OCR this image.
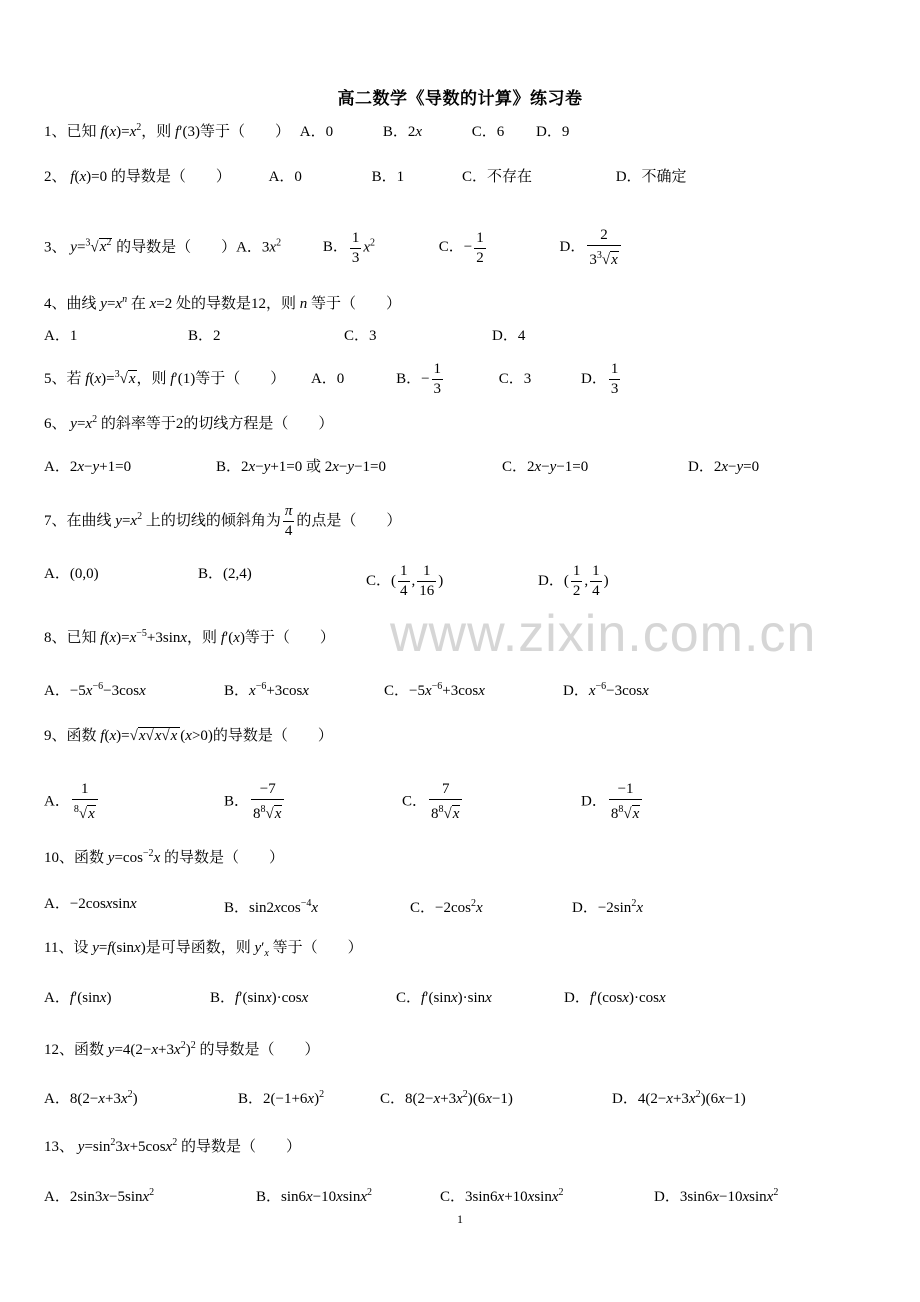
高二数学《导数的计算》练习卷
1、已知 $f(x)=x^2$，则 f′(3)等于（　　） A．0	B．2x	C．6 D．9
2、 f(x)=0 的导数是（　　） A．0	B．1	C．不存在	D．不确定
3、 $y=^3√x^2$ 的导数是（　　）A．$3x^2$	B． $\frac{1}{3} x^2$	C．− $\frac{1}{2}$	D． $\frac{2}{3^3√x}$
4、曲线 $y=x^n$ 在 x=2 处的导数是12，则 n 等于（　　）
A．1	B．2	C．3	D．4
5、若 f(x)=$^3$√x，则 f′(1)等于（　　） A．0	B．− $\frac{1}{3}$	C．3	D． $\frac{1}{3}$
6、 $y=x^2$ 的斜率等于2的切线方程是（　　）
A．2x−y+1=0	B．2x−y+1=0 或 2x−y−1=0	C．2x−y−1=0	D．2x−y=0
7、在曲线 $y=x^2$ 上的切线的倾斜角为 $\frac{\pi}{4}$ 的点是（　　）
A．(0,0)	B．(2,4)	C．( $\frac{1}{4}$ , $\frac{1}{16}$ )	D．( $\frac{1}{2}$ , $\frac{1}{4}$ )
www.zixin.com.cn
8、已知 $f(x)=x^{-5}+3\sin x$，则 f′(x)等于（　　）
A．$-5x^{-6}-3\cos x$	B．$x^{-6}+3\cos x$	C．$-5x^{-6}+3\cos x$	D．$x^{-6}-3\cos x$
9、函数 f(x)=√x√x√x (x>0)的导数是（　　）
A． $\frac{1}{^8√x}$	B． $\frac{-7}{8^8√x}$	C． $\frac{7}{8^8√x}$	D． $\frac{-1}{8^8√x}$
10、函数 $y=\cos^{-2}x$ 的导数是（　　）
A．−2cosxsinx	B．sin2xcos$^{-4}$x	C．$-2\cos^2x$	D．$-2\sin^2x$
11、设 y=f(sinx)是可导函数，则 $y'_x$ 等于（　　）
A．f′(sinx)	B．f′(sinx)·cosx	C．f′(sinx)·sinx	D．f′(cosx)·cosx
12、函数 $y=4(2-x+3x^2)^2$ 的导数是（　　）
A．$8(2-x+3x^2)$	B．$2(-1+6x)^2$	C．$8(2-x+3x^2)(6x-1)$	D．$4(2-x+3x^2)(6x-1)$
13、 $y=\sin^23x+5\cos x^2$ 的导数是（　　）
A．2sin3x−5sinx$^2$	B．sin6x−10xsinx$^2$	C．3sin6x+10xsinx$^2$	D．3sin6x−10xsinx$^2$
1
